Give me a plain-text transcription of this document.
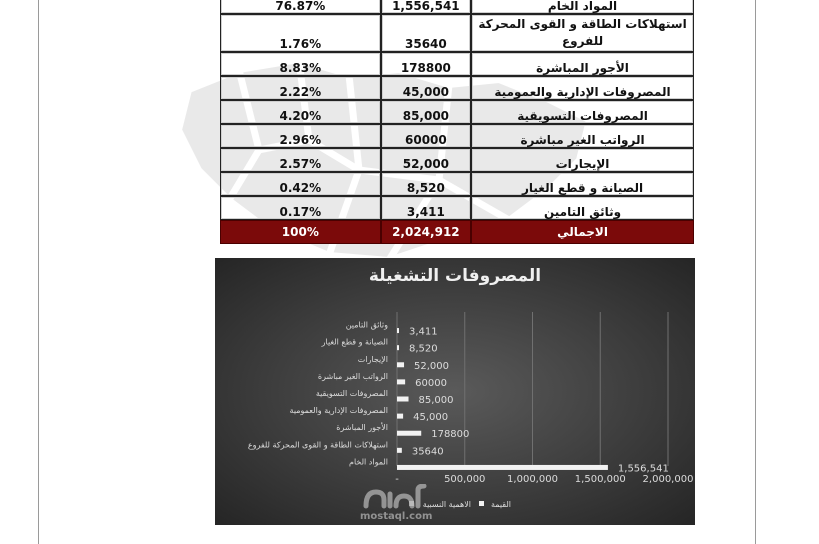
المواد الخام	1,556,541	76.87%
استهلاكات الطاقة و القوى المحركة للفروع	35640	1.76%
الأجور المباشرة	178800	8.83%
المصروفات الإدارية والعمومية	45,000	2.22%
المصروفات التسويقية	85,000	4.20%
الرواتب الغير مباشرة	60000	2.96%
الإيجارات	52,000	2.57%
الصيانة و قطع الغيار	8,520	0.42%
وثائق التامين	3,411	0.17%
الاجمالي	2,024,912	100%
المصروفات التشغيلة
-	500,000 1,000,000 1,500,000 2,000,000
3,411
وثائق التامين
8,520
الصيانة و قطع الغيار
52,000
الإيجارات
60000
الرواتب الغير مباشرة
85,000
المصروفات التسويقية
45,000
المصروفات الإدارية والعمومية
178800
الأجور المباشرة
35640
استهلاكات الطاقة و القوى المحركة للفروع
1,556,541
المواد الخام
القيمة
الاهمية النسبية
mostaql.com
